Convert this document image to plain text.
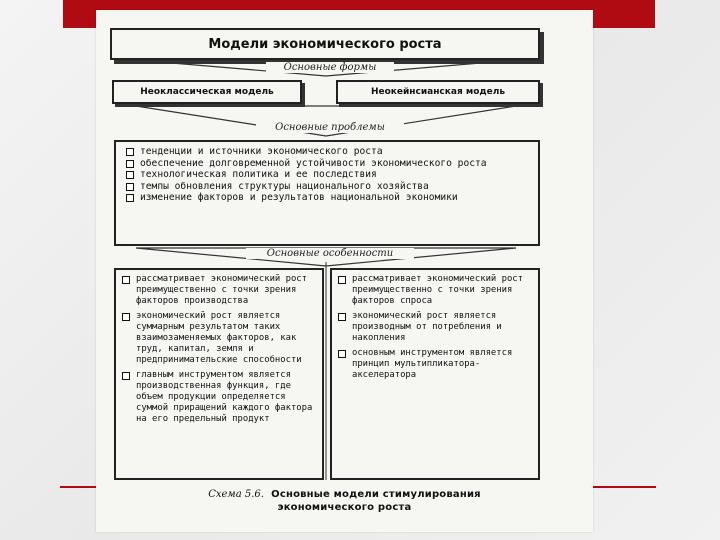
Модели экономического роста
Основные формы
Неоклассическая модель	Неокейнсианская модель
Основные проблемы
тенденции и источники экономического роста
обеспечение долговременной устойчивости экономического роста
технологическая политика и ее последствия
темпы обновления структуры национального хозяйства
изменение факторов и результатов национальной экономики
Основные особенности
рассматривает экономический рост преимущественно с точки зрения факторов производства
экономический рост является суммарным результатом таких взаимозаменяемых факторов, как труд, капитал, земля и предпринимательские способности
главным инструментом является производственная функция, где объем продукции определяется суммой приращений каждого фактора на его предельный продукт
рассматривает экономический рост преимущественно с точки зрения факторов спроса
экономический рост является производным от потребления и накопления
основным инструментом является принцип мультипликатора-акселератора
Схема 5.6. Основные модели стимулирования
экономического роста
